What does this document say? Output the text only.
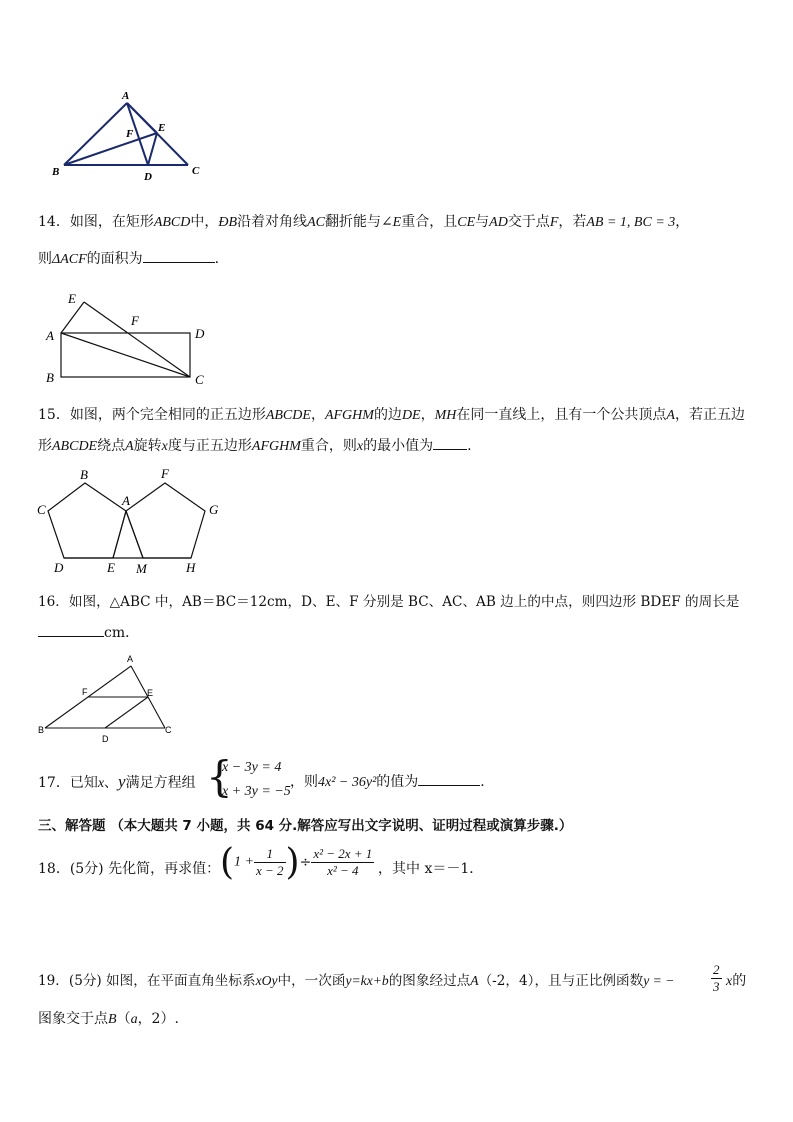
A
B	C
D
E
F
14．如图，在矩形ABCD中，ĐB沿着对角线AC翻折能与∠E重合，且CE与AD交于点F，若AB = 1, BC = 3，
则ΔACF的面积为	.
E
F
A	D
B	C
15．如图，两个完全相同的正五边形ABCDE，AFGHM的边DE，MH在同一直线上，且有一个公共顶点A，若正五边
形ABCDE绕点A旋转x度与正五边形AFGHM重合，则x的最小值为 .
B	F
A
C	G
D	E M	H
16．如图，△ABC 中，AB＝BC＝12cm，D、E、F 分别是 BC、AC、AB 边上的中点，则四边形 BDEF 的周长是
cm．
A
F	E
B	C
D
17．已知x、y满足方程组 {
x − 3y = 4
x + 3y = −5
，则4x² − 36y²的值为	.
三、解答题 （本大题共 7 小题，共 64 分.解答应写出文字说明、证明过程或演算步骤.）
18．(5分) 先化简，再求值： ($1 + \frac{1}{x - 2}$ )÷ $\frac{\text{x² − 2x + 1}}{\text{x² − 4}}$ ，其中 x＝－1．
19．(5分) 如图，在平面直角坐标系xOy中，一次函y=kx+b的图象经过点A（-2，4），且与正比例函数y = −	$\frac{2}{3}$ x的
图象交于点B（a，2）.
